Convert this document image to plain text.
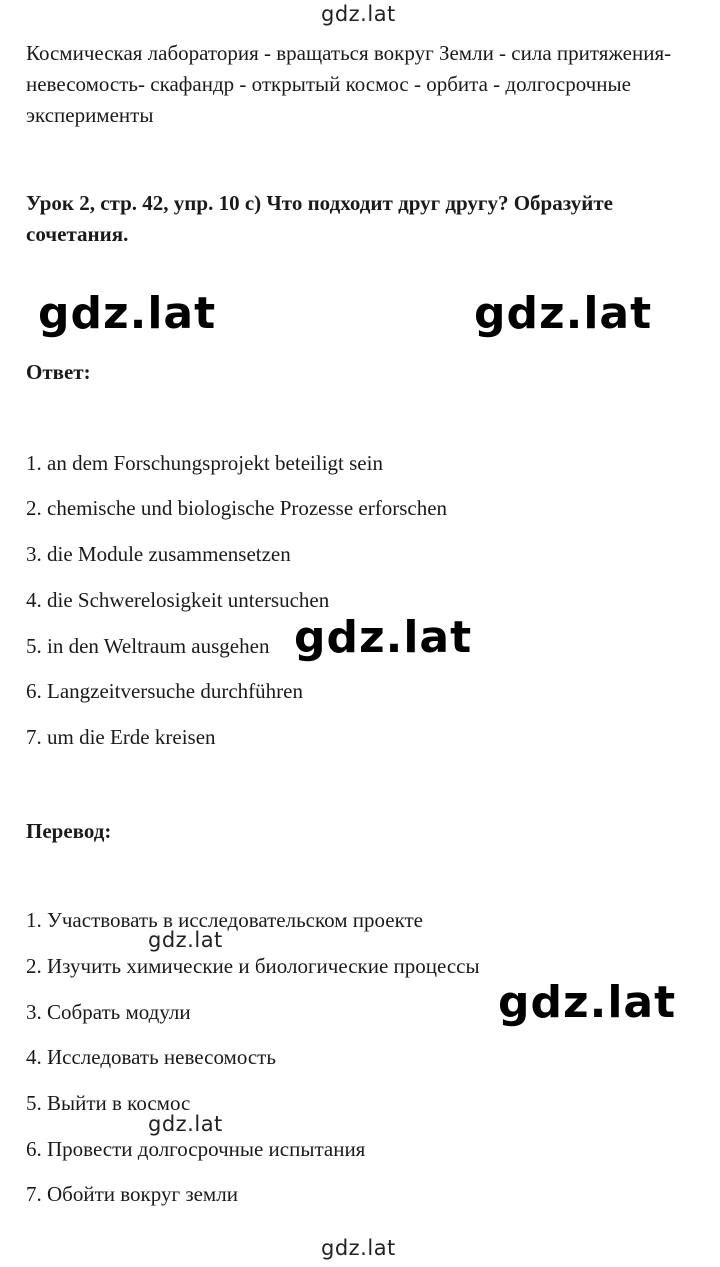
gdz.lat
Космическая лаборатория - вращаться вокруг Земли - сила притяжения- невесомость- скафандр - открытый космос - орбита - долгосрочные эксперименты
Урок 2, стр. 42, упр. 10 c) Что подходит друг другу? Образуйте сочетания.
gdz.lat	gdz.lat
Ответ:
1. an dem Forschungsprojekt beteiligt sein
2. chemische und biologische Prozesse erforschen
3. die Module zusammensetzen
4. die Schwerelosigkeit untersuchen
5. in den Weltraum ausgehen
6. Langzeitversuche durchführen
7. um die Erde kreisen
gdz.lat
Перевод:
1. Участвовать в исследовательском проекте
2. Изучить химические и биологические процессы
3. Собрать модули
4. Исследовать невесомость
5. Выйти в космос
6. Провести долгосрочные испытания
7. Обойти вокруг земли
gdz.lat
gdz.lat
gdz.lat
gdz.lat
